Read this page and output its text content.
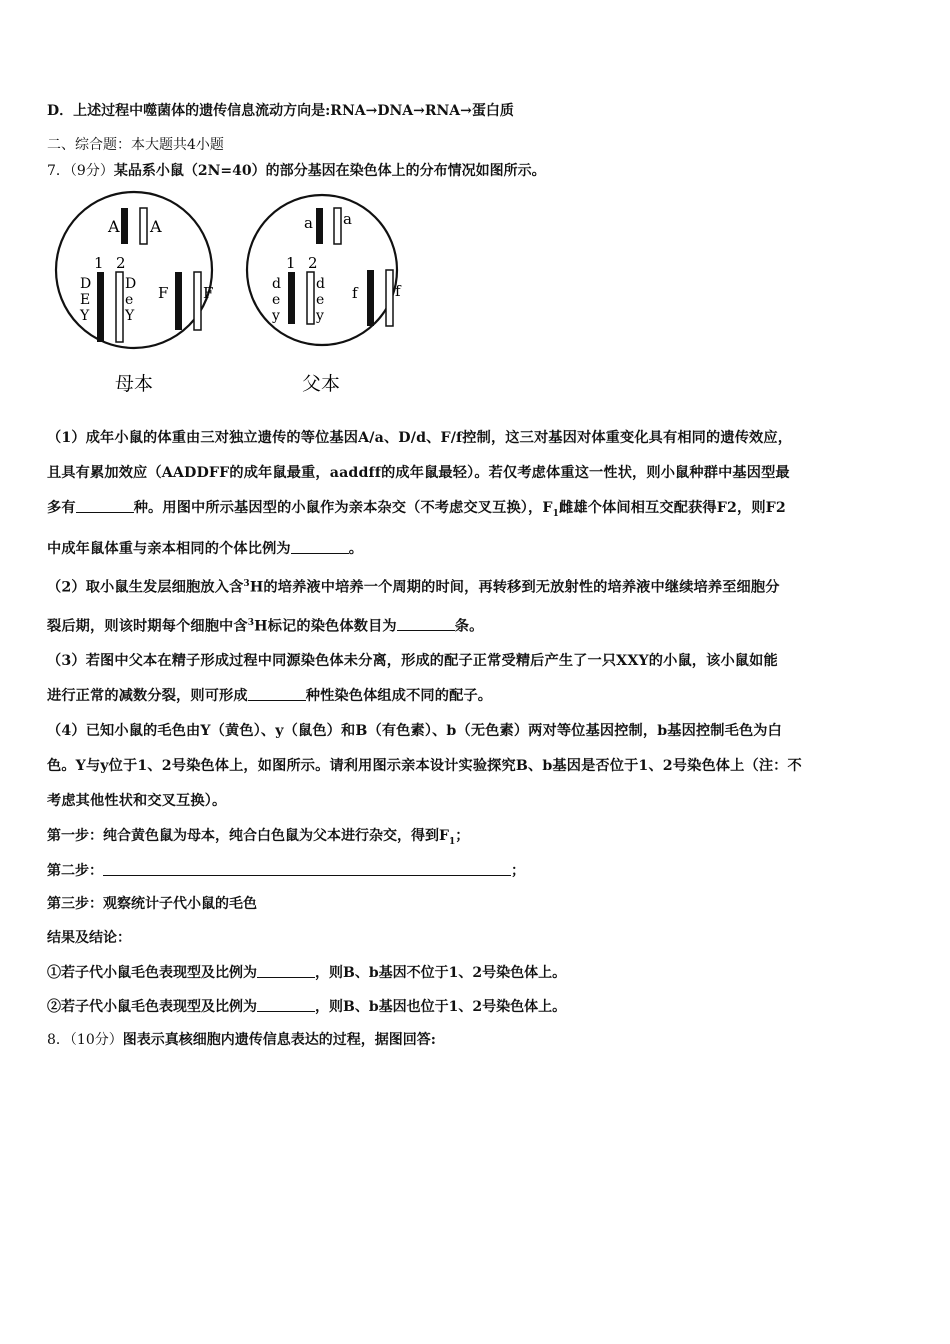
D．上述过程中噬菌体的遗传信息流动方向是:RNA→DNA→RNA→蛋白质
二、综合题：本大题共4小题
7．（9分）某品系小鼠（2N=40）的部分基因在染色体上的分布情况如图所示。
A A
1 2
D
E
Y
D
e
Y
F F
母本
a a
1 2
d
e
y
d
e
y
f f
父本
（1）成年小鼠的体重由三对独立遗传的等位基因A/a、D/d、F/f控制，这三对基因对体重变化具有相同的遗传效应，
且具有累加效应（AADDFF的成年鼠最重，aaddff的成年鼠最轻）。若仅考虑体重这一性状，则小鼠种群中基因型最
多有	种。用图中所示基因型的小鼠作为亲本杂交（不考虑交叉互换），$F_1$雌雄个体间相互交配获得F2，则F2
中成年鼠体重与亲本相同的个体比例为	。
（2）取小鼠生发层细胞放入含$^3$H的培养液中培养一个周期的时间，再转移到无放射性的培养液中继续培养至细胞分
裂后期，则该时期每个细胞中含$^3$H标记的染色体数目为	条。
（3）若图中父本在精子形成过程中同源染色体未分离，形成的配子正常受精后产生了一只XXY的小鼠，该小鼠如能
进行正常的减数分裂，则可形成	种性染色体组成不同的配子。
（4）已知小鼠的毛色由Y（黄色）、y（鼠色）和B（有色素）、b（无色素）两对等位基因控制，b基因控制毛色为白
色。Y与y位于1、2号染色体上，如图所示。请利用图示亲本设计实验探究B、b基因是否位于1、2号染色体上（注：不
考虑其他性状和交叉互换）。
第一步：纯合黄色鼠为母本，纯合白色鼠为父本进行杂交，得到$F_1$；
第二步：	；
第三步：观察统计子代小鼠的毛色
结果及结论：
①若子代小鼠毛色表现型及比例为	，则B、b基因不位于1、2号染色体上。
②若子代小鼠毛色表现型及比例为	，则B、b基因也位于1、2号染色体上。
8．（10分）图表示真核细胞内遗传信息表达的过程，据图回答:
